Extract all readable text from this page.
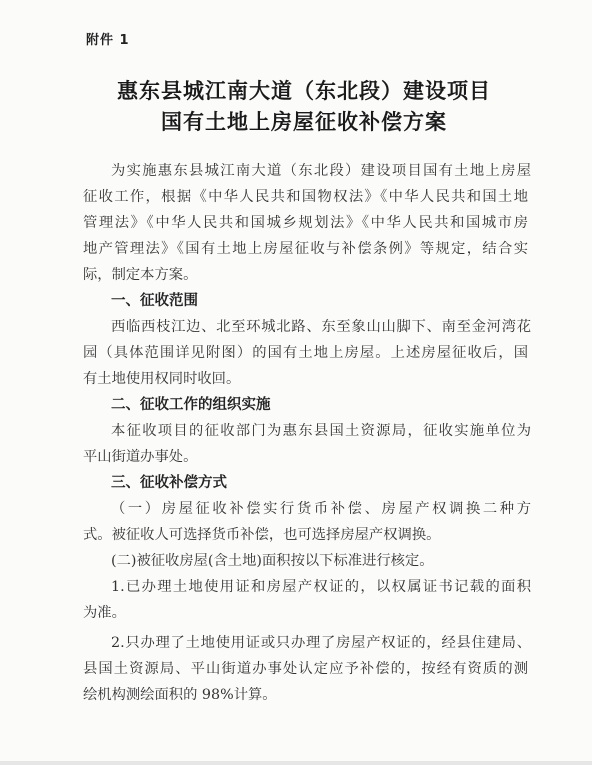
附件 1
惠东县城江南大道（东北段）建设项目
国有土地上房屋征收补偿方案
为实施惠东县城江南大道（东北段）建设项目国有土地上房屋
征收工作，根据《中华人民共和国物权法》《中华人民共和国土地
管理法》《中华人民共和国城乡规划法》《中华人民共和国城市房
地产管理法》《国有土地上房屋征收与补偿条例》等规定，结合实
际，制定本方案。
一、征收范围
西临西枝江边、北至环城北路、东至象山山脚下、南至金河湾花
园（具体范围详见附图）的国有土地上房屋。上述房屋征收后，国
有土地使用权同时收回。
二、征收工作的组织实施
本征收项目的征收部门为惠东县国土资源局，征收实施单位为
平山街道办事处。
三、征收补偿方式
（一）房屋征收补偿实行货币补偿、房屋产权调换二种方
式。被征收人可选择货币补偿，也可选择房屋产权调换。
(二)被征收房屋(含土地)面积按以下标准进行核定。
1.已办理土地使用证和房屋产权证的，以权属证书记载的面积
为准。
2.只办理了土地使用证或只办理了房屋产权证的，经县住建局、
县国土资源局、平山街道办事处认定应予补偿的，按经有资质的测
绘机构测绘面积的 98%计算。
